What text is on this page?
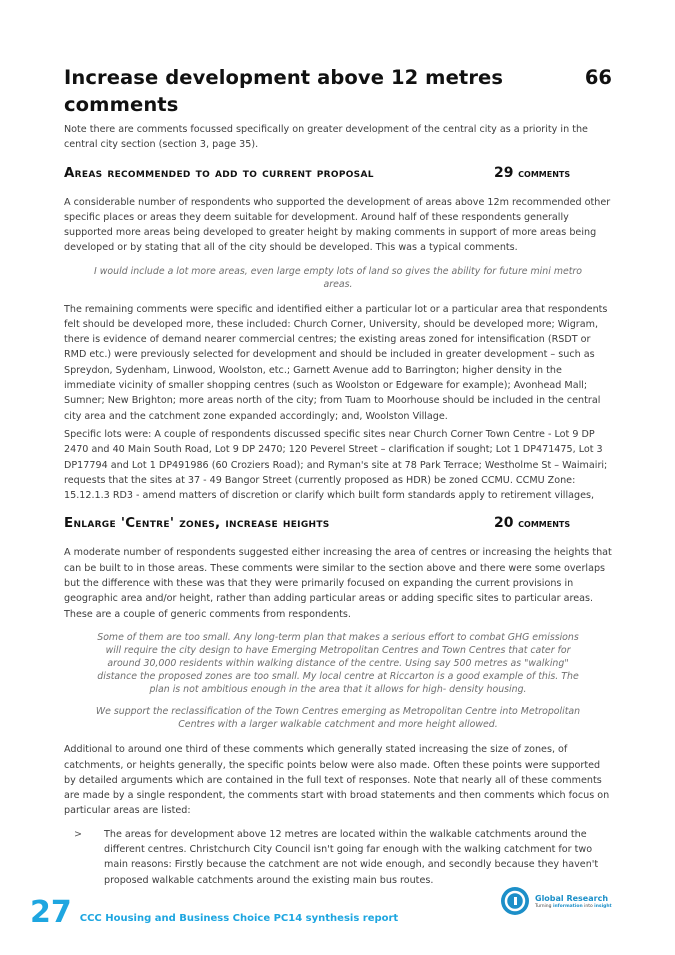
Increase development above 12 metres comments
66

Note there are comments focussed specifically on greater development of the central city as a priority in the central city section (section 3, page 35).

Areas recommended to add to current proposal	29 comments

A considerable number of respondents who supported the development of areas above 12m recommended other specific places or areas they deem suitable for development. Around half of these respondents generally supported more areas being developed to greater height by making comments in support of more areas being developed or by stating that all of the city should be developed. This was a typical comments.

I would include a lot more areas, even large empty lots of land so gives the ability for future mini metro areas.

The remaining comments were specific and identified either a particular lot or a particular area that respondents felt should be developed more, these included: Church Corner, University, should be developed more; Wigram, there is evidence of demand nearer commercial centres; the existing areas zoned for intensification (RSDT or RMD etc.) were previously selected for development and should be included in greater development – such as Spreydon, Sydenham, Linwood, Woolston, etc.; Garnett Avenue add to Barrington; higher density in the immediate vicinity of smaller shopping centres (such as Woolston or Edgeware for example); Avonhead Mall; Sumner; New Brighton; more areas north of the city; from Tuam to Moorhouse should be included in the central city area and the catchment zone expanded accordingly; and, Woolston Village.

Specific lots were: A couple of respondents discussed specific sites near Church Corner Town Centre - Lot 9 DP 2470 and 40 Main South Road, Lot 9 DP 2470; 120 Peverel Street – clarification if sought; Lot 1 DP471475, Lot 3 DP17794 and Lot 1 DP491986 (60 Croziers Road); and Ryman's site at 78 Park Terrace; Westholme St – Waimairi; requests that the sites at 37 - 49 Bangor Street (currently proposed as HDR) be zoned CCMU. CCMU Zone: 15.12.1.3 RD3 - amend matters of discretion or clarify which built form standards apply to retirement villages,

Enlarge 'Centre' zones, increase heights	20 comments

A moderate number of respondents suggested either increasing the area of centres or increasing the heights that can be built to in those areas. These comments were similar to the section above and there were some overlaps but the difference with these was that they were primarily focused on expanding the current provisions in geographic area and/or height, rather than adding particular areas or adding specific sites to particular areas. These are a couple of generic comments from respondents.

Some of them are too small. Any long-term plan that makes a serious effort to combat GHG emissions will require the city design to have Emerging Metropolitan Centres and Town Centres that cater for around 30,000 residents within walking distance of the centre. Using say 500 metres as "walking" distance the proposed zones are too small. My local centre at Riccarton is a good example of this. The plan is not ambitious enough in the area that it allows for high- density housing.

We support the reclassification of the Town Centres emerging as Metropolitan Centre into Metropolitan Centres with a larger walkable catchment and more height allowed.

Additional to around one third of these comments which generally stated increasing the size of zones, of catchments, or heights generally, the specific points below were also made. Often these points were supported by detailed arguments which are contained in the full text of responses. Note that nearly all of these comments are made by a single respondent, the comments start with broad statements and then comments which focus on particular areas are listed:

>	The areas for development above 12 metres are located within the walkable catchments around the different centres. Christchurch City Council isn't going far enough with the walking catchment for two main reasons: Firstly because the catchment are not wide enough, and secondly because they haven't proposed walkable catchments around the existing main bus routes.
27 CCC Housing and Business Choice PC14 synthesis report
Global Research
Turning information into insight
